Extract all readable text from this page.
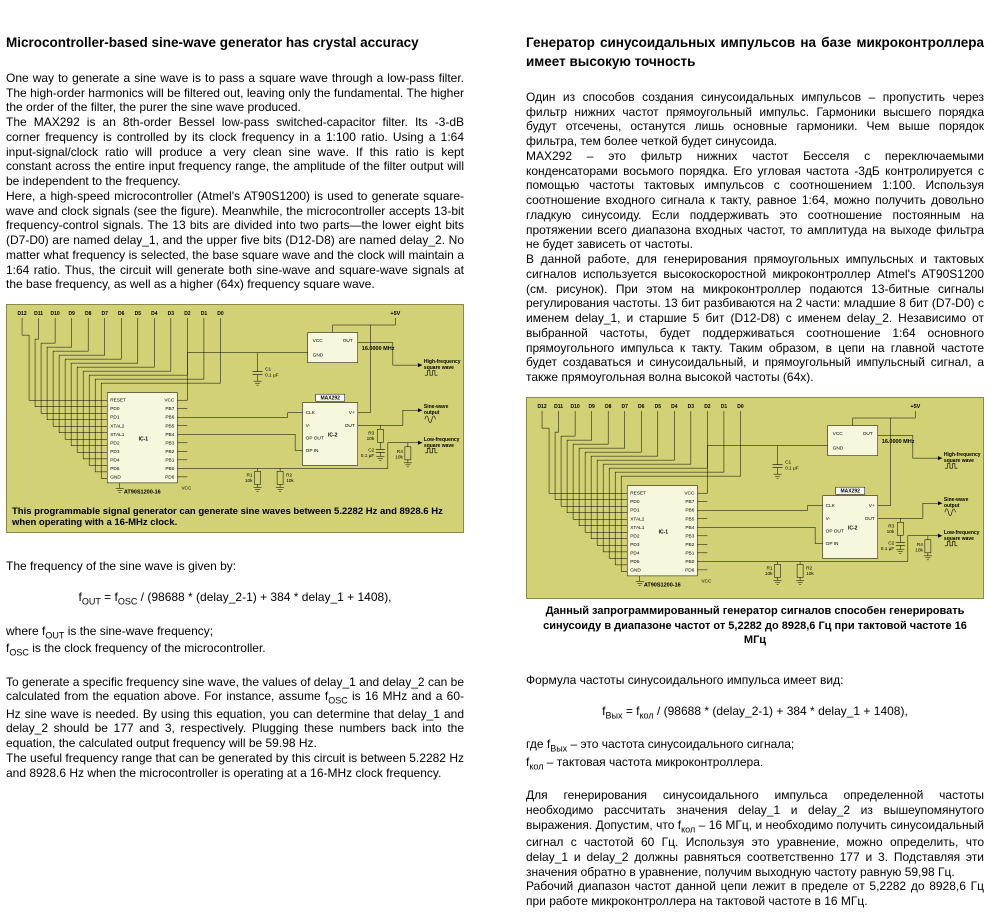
Microcontroller-based sine-wave generator has crystal accuracy

One way to generate a sine wave is to pass a square wave through a low-pass filter. The high-order harmonics will be filtered out, leaving only the fundamental. The higher the order of the filter, the purer the sine wave produced.

The MAX292 is an 8th-order Bessel low-pass switched-capacitor filter. Its -3-dB corner frequency is controlled by its clock frequency in a 1:100 ratio. Using a 1:64 input-signal/clock ratio will produce a very clean sine wave. If this ratio is kept constant across the entire input frequency range, the amplitude of the filter output will be independent to the frequency.

Here, a high-speed microcontroller (Atmel's AT90S1200) is used to generate square-wave and clock signals (see the figure). Meanwhile, the microcontroller accepts 13-bit frequency-control signals. The 13 bits are divided into two parts—the lower eight bits (D7-D0) are named delay_1, and the upper five bits (D12-D8) are named delay_2. No matter what frequency is selected, the base square wave and the clock will maintain a 1:64 ratio. Thus, the circuit will generate both sine-wave and square-wave signals at the base frequency, as well as a higher (64x) frequency square wave.

D12 D11 D10 D9 D8 D7 D6 D5 D4 D3 D2 D1 D0
RESET
PD0
PD1
XTAL2
XTAL1
PD2
PD3
PD4
PD5
GND
VCC
PB7
PB6
PB5
PB4
PB3
PB2
PB1
PB0
PD6
IC-1
AT90S1200-16
VCC
+5V
VCC OUT
GND
16.0000 MHz
C1
0.1 µF
MAX292
CLK
V-
OP OUT
OP IN
V+
OUT
IC-2
R1
10k
R2
10k
R3
10k
C2
0.1 µF
R4
10k
High-frequency
square wave
Sine-wave
output
Low-frequency
square wave
This programmable signal generator can generate sine waves between 5.2282 Hz and 8928.6 Hz when operating with a 16-MHz clock.
The frequency of the sine wave is given by:
$f_{OUT} = f_{OSC} / (98688$ * (delay_2-1) + 384 * delay_1 + 1408),
where $f_{OUT}$ is the sine-wave frequency;
$f_{OSC}$ is the clock frequency of the microcontroller.

To generate a specific frequency sine wave, the values of delay_1 and delay_2 can be calculated from the equation above. For instance, assume $f_{OSC}$ is 16 MHz and a 60-Hz sine wave is needed. By using this equation, you can determine that delay_1 and delay_2 should be 177 and 3, respectively. Plugging these numbers back into the equation, the calculated output frequency will be 59.98 Hz.

The useful frequency range that can be generated by this circuit is between 5.2282 Hz and 8928.6 Hz when the microcontroller is operating at a 16-MHz clock frequency.

Генератор синусоидальных импульсов на базе микроконтроллера имеет высокую точность

Один из способов создания синусоидальных импульсов – пропустить через фильтр нижних частот прямоугольный импульс. Гармоники высшего порядка будут отсечены, останутся лишь основные гармоники. Чем выше порядок фильтра, тем более четкой будет синусоида.

MAX292 – это фильтр нижних частот Бесселя с переключаемыми конденсаторами восьмого порядка. Его угловая частота -3дБ контролируется с помощью частоты тактовых импульсов с соотношением 1:100. Используя соотношение входного сигнала к такту, равное 1:64, можно получить довольно гладкую синусоиду. Если поддерживать это соотношение постоянным на протяжении всего диапазона входных частот, то амплитуда на выходе фильтра не будет зависеть от частоты.

В данной работе, для генерирования прямоугольных импульсных и тактовых сигналов используется высокоскоростной микроконтроллер Atmel's AT90S1200 (см. рисунок). При этом на микроконтроллер подаются 13-битные сигналы регулирования частоты. 13 бит разбиваются на 2 части: младшие 8 бит (D7-D0) с именем delay_1, и старшие 5 бит (D12-D8) с именем delay_2. Независимо от выбранной частоты, будет поддерживаться соотношение 1:64 основного прямоугольного импульса к такту. Таким образом, в цепи на главной частоте будет создаваться и синусоидальный, и прямоугольный импульсный сигнал, а также прямоугольная волна высокой частоты (64x).

D12 D11 D10 D9 D8 D7 D6 D5 D4 D3 D2 D1 D0
RESET
PD0
PD1
XTAL2
XTAL1
PD2
PD3
PD4
PD5
GND
VCC
PB7
PB6
PB5
PB4
PB3
PB2
PB1
PB0
PD6
IC-1
AT90S1200-16
VCC
+5V
VCC OUT
GND
16.0000 MHz
C1
0.1 µF
MAX292
CLK
V-
OP OUT
OP IN
V+
OUT
IC-2
R1
10k
R2
10k
R3
10k
C2
0.1 µF
R4
10k
High-frequency
square wave
Sine-wave
output
Low-frequency
square wave
Данный запрограммированный генератор сигналов способен генерировать синусоиду в диапазоне частот от 5,2282 до 8928,6 Гц при тактовой частоте 16 МГц
Формула частоты синусоидального импульса имеет вид:
$f_{Вых} = f_{кол} / (98688$ * (delay_2-1) + 384 * delay_1 + 1408),
где $f_{Вых}$ – это частота синусоидального сигнала;
$f_{кол}$ – тактовая частота микроконтроллера.

Для генерирования синусоидального импульса определенной частоты необходимо рассчитать значения delay_1 и delay_2 из вышеупомянутого выражения. Допустим, что $f_{кол} - 16$ МГц, и необходимо получить синусоидальный сигнал с частотой 60 Гц. Используя это уравнение, можно определить, что delay_1 и delay_2 должны равняться соответственно 177 и 3. Подставляя эти значения обратно в уравнение, получим выходную частоту равную 59,98 Гц.

Рабочий диапазон частот данной цепи лежит в пределе от 5,2282 до 8928,6 Гц при работе микроконтроллера на тактовой частоте в 16 МГц.
